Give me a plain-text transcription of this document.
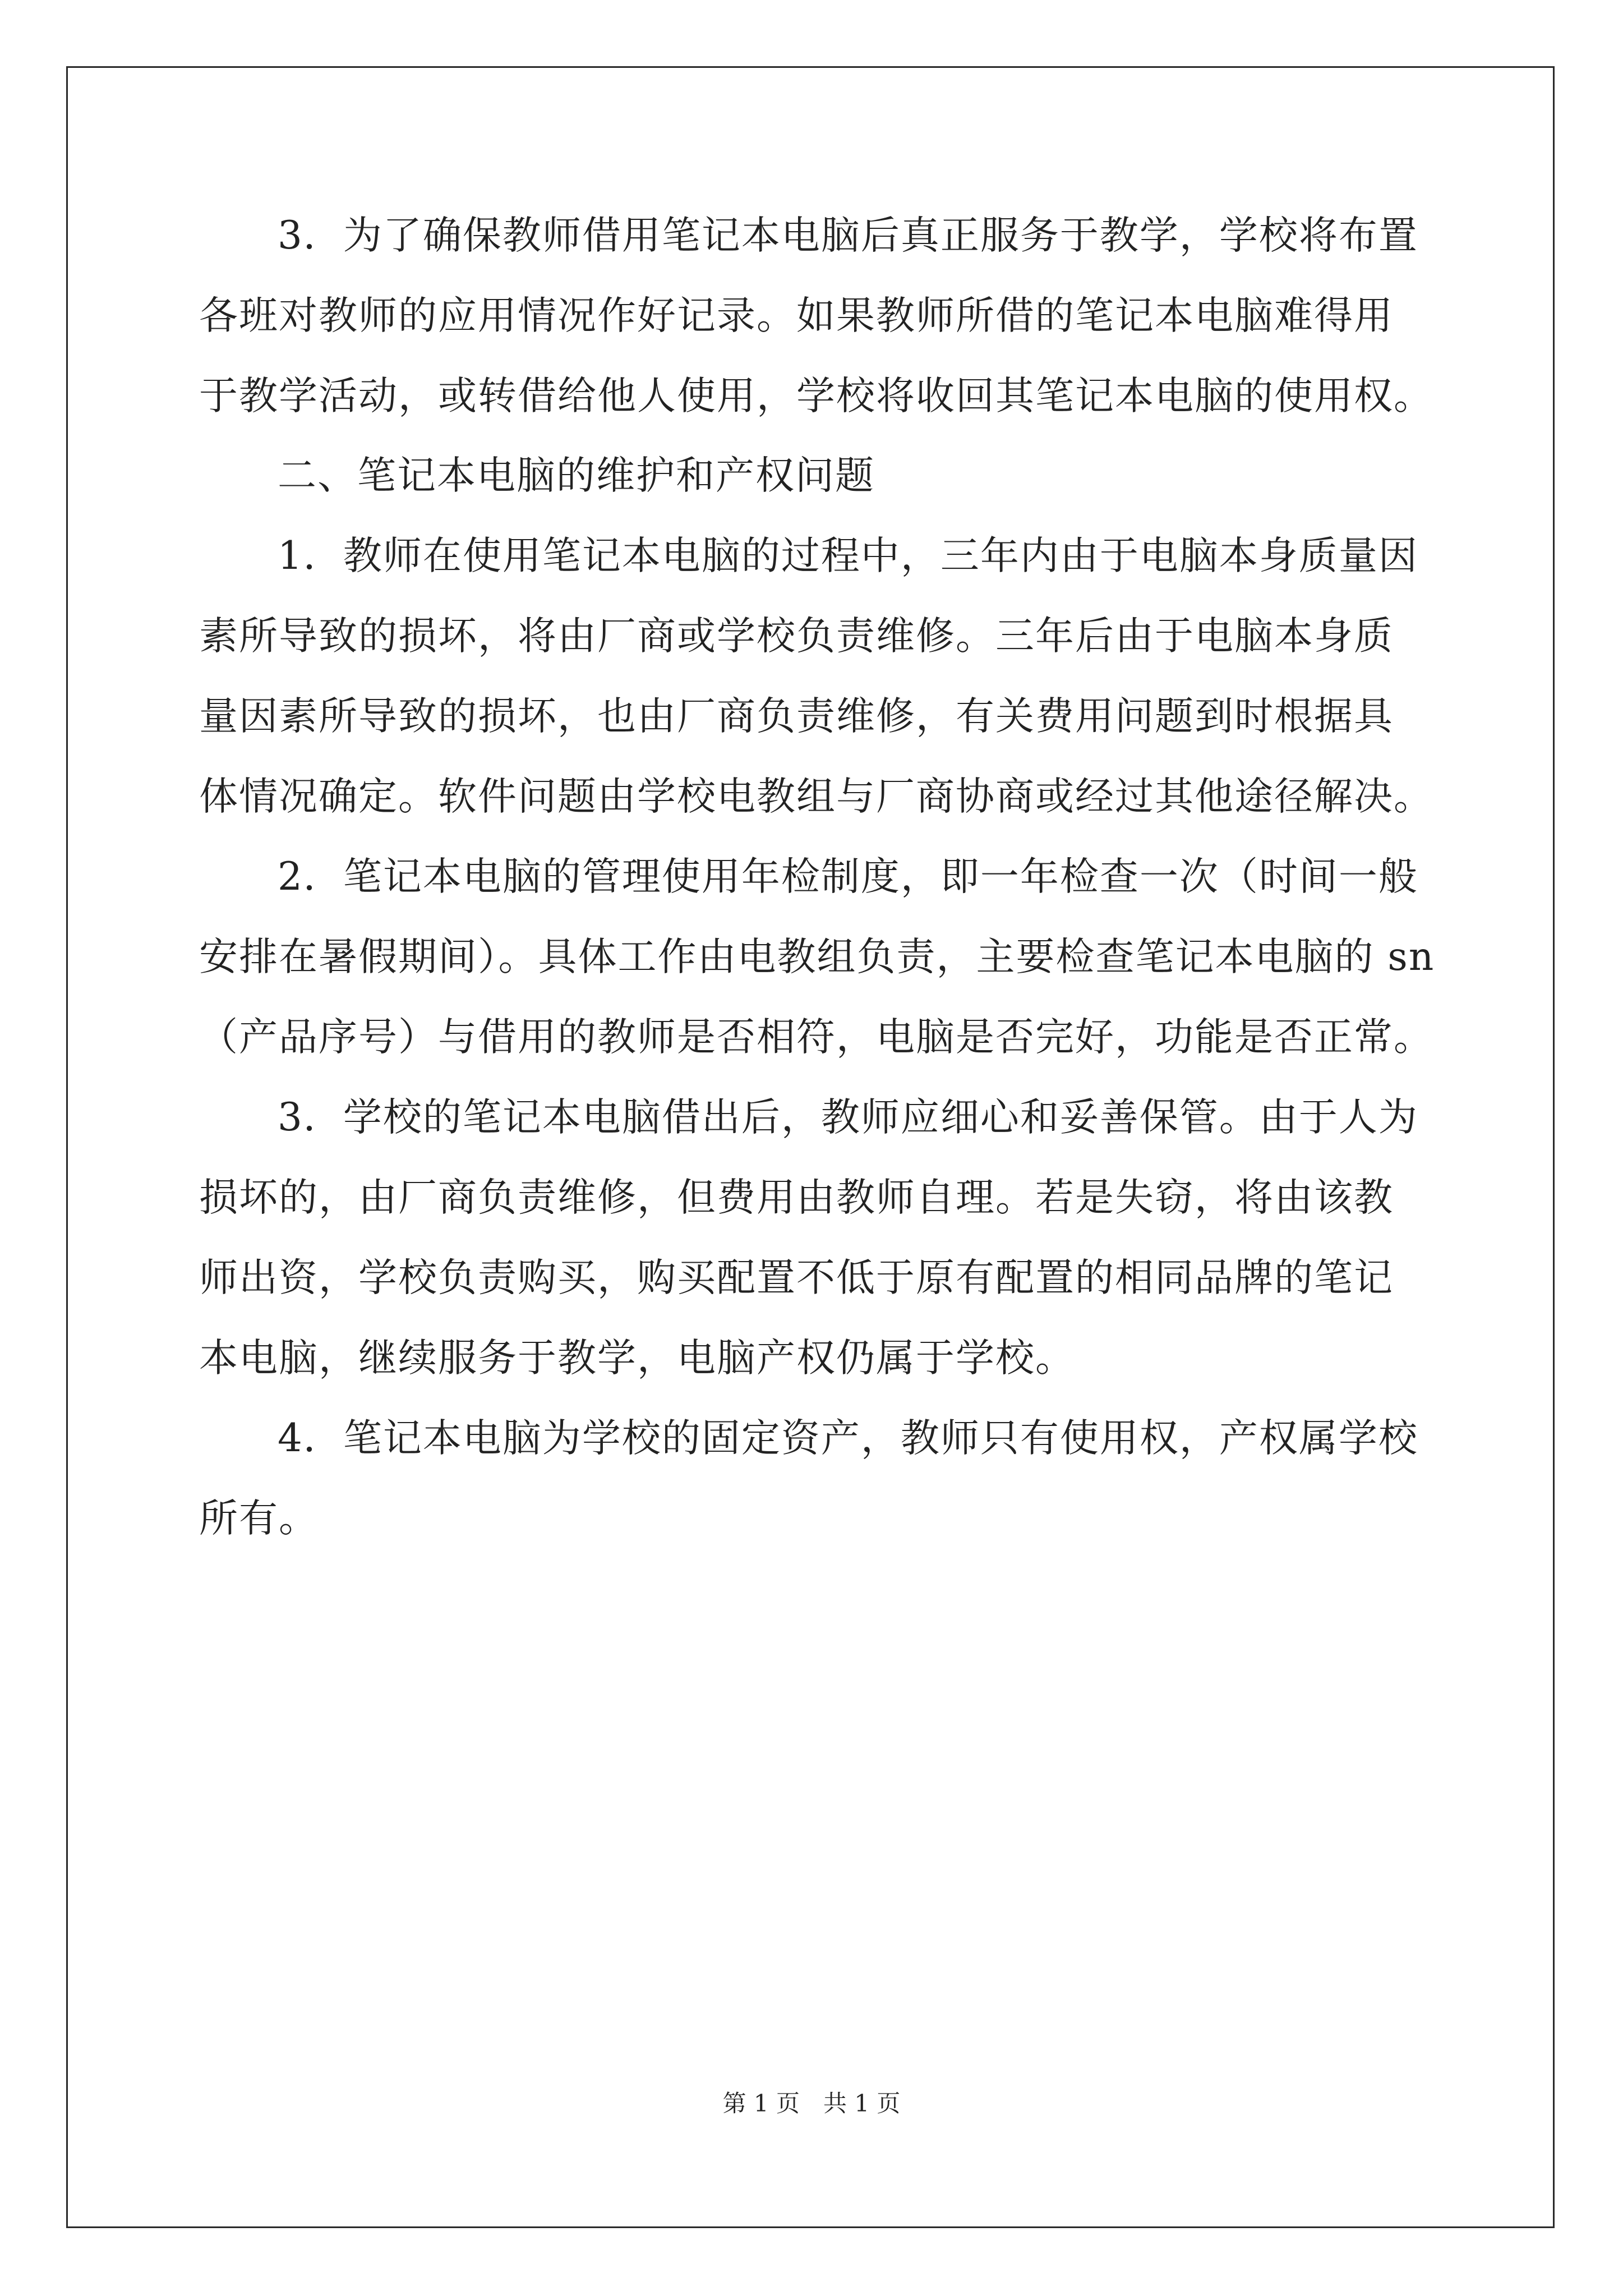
3．为了确保教师借用笔记本电脑后真正服务于教学，学校将布置
各班对教师的应用情况作好记录。如果教师所借的笔记本电脑难得用
于教学活动，或转借给他人使用，学校将收回其笔记本电脑的使用权。
二、笔记本电脑的维护和产权问题
1．教师在使用笔记本电脑的过程中，三年内由于电脑本身质量因
素所导致的损坏，将由厂商或学校负责维修。三年后由于电脑本身质
量因素所导致的损坏，也由厂商负责维修，有关费用问题到时根据具
体情况确定。软件问题由学校电教组与厂商协商或经过其他途径解决。
2．笔记本电脑的管理使用年检制度，即一年检查一次（时间一般
安排在暑假期间）。具体工作由电教组负责，主要检查笔记本电脑的 sn
（产品序号）与借用的教师是否相符，电脑是否完好，功能是否正常。
3．学校的笔记本电脑借出后，教师应细心和妥善保管。由于人为
损坏的，由厂商负责维修，但费用由教师自理。若是失窃，将由该教
师出资，学校负责购买，购买配置不低于原有配置的相同品牌的笔记
本电脑，继续服务于教学，电脑产权仍属于学校。
4．笔记本电脑为学校的固定资产，教师只有使用权，产权属学校
所有。
第 1 页　共 1 页
